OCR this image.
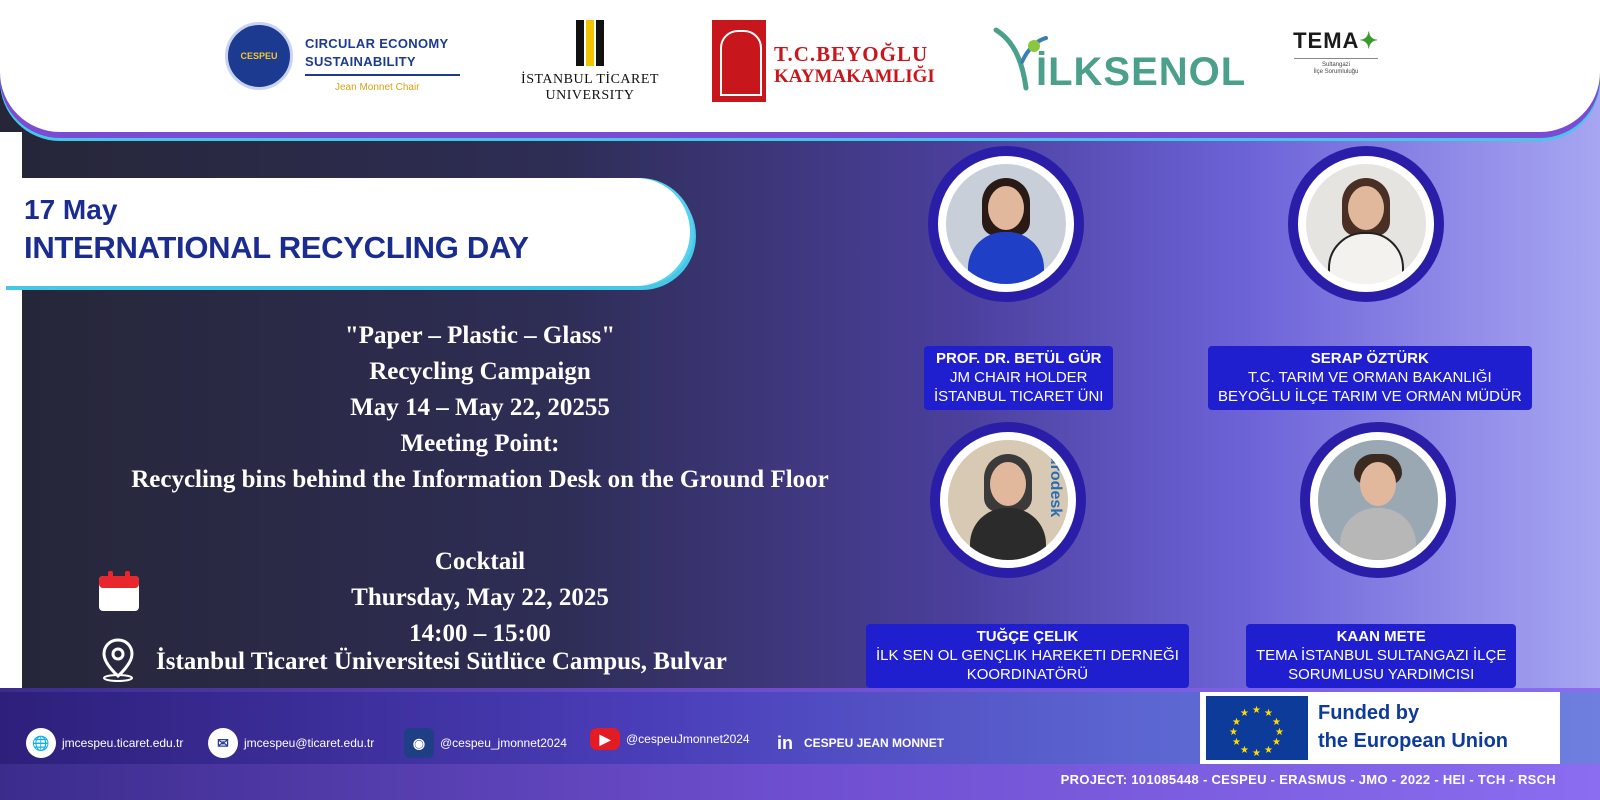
CESPEU
CIRCULAR ECONOMY
SUSTAINABILITY
Jean Monnet Chair
İSTANBUL TİCARET
UNIVERSITY
T.C.BEYOĞLU
KAYMAKAMLIĞI	İLKSENOL
TEMA✦
Sultangazi
İlçe Sorumluluğu
17 May
INTERNATIONAL RECYCLING DAY
"Paper – Plastic – Glass"
Recycling Campaign
May 14 – May 22, 20255
Meeting Point:
Recycling bins behind the Information Desk on the Ground Floor
Cocktail
Thursday, May 22, 2025
14:00 – 15:00
İstanbul Ticaret Üniversitesi Sütlüce Campus, Bulvar
PROF. DR. BETÜL GÜR
JM CHAIR HOLDER
İSTANBUL TICARET ÜNI
SERAP ÖZTÜRK
T.C. TARIM VE ORMAN BAKANLIĞI
BEYOĞLU İLÇE TARIM VE ORMAN MÜDÜR
eurodesk
TUĞÇE ÇELIK
İLK SEN OL GENÇLIK HAREKETI DERNEĞI
KOORDINATÖRÜ
KAAN METE
TEMA İSTANBUL SULTANGAZI İLÇE
SORUMLUSU YARDIMCISI
🌐	jmcespeu.ticaret.edu.tr	✉	jmcespeu@ticaret.edu.tr	◉	@cespeu_jmonnet2024	▶	@cespeuJmonnet2024 in CESPEU JEAN MONNET
★ ★
★
★
★
★
★
★
★
★
★
★	Funded by
the European Union
PROJECT: 101085448 - CESPEU - ERASMUS - JMO - 2022 - HEI - TCH - RSCH
